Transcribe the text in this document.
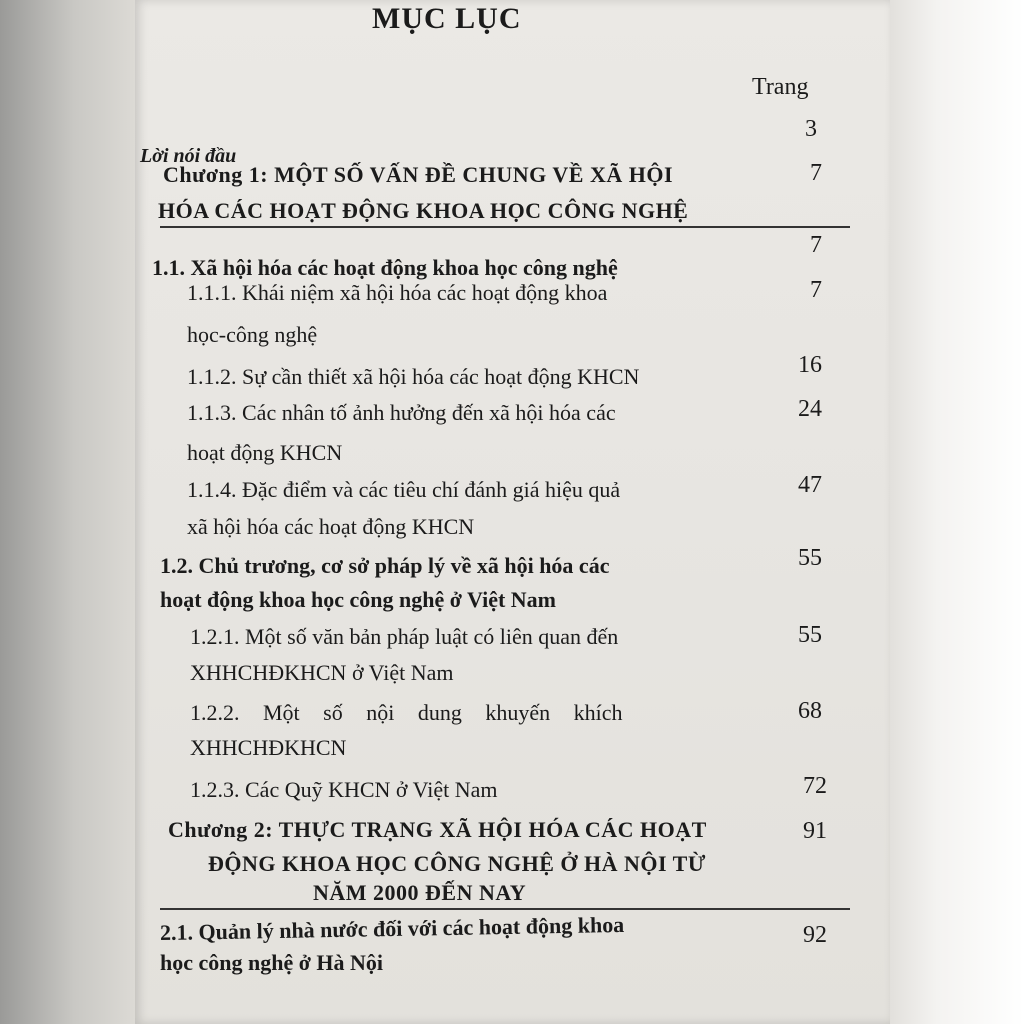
MỤC LỤC
Trang
Lời nói đầu
3
Chương 1: MỘT SỐ VẤN ĐỀ CHUNG VỀ XÃ HỘI
HÓA CÁC HOẠT ĐỘNG KHOA HỌC CÔNG NGHỆ
7
1.1. Xã hội hóa các hoạt động khoa học công nghệ
7
1.1.1. Khái niệm xã hội hóa các hoạt động khoa
học-công nghệ
7
1.1.2. Sự cần thiết xã hội hóa các hoạt động KHCN	16
1.1.3. Các nhân tố ảnh hưởng đến xã hội hóa các
hoạt động KHCN
24
1.1.4. Đặc điểm và các tiêu chí đánh giá hiệu quả
xã hội hóa các hoạt động KHCN
47
1.2. Chủ trương, cơ sở pháp lý về xã hội hóa các
hoạt động khoa học công nghệ ở Việt Nam
55
1.2.1. Một số văn bản pháp luật có liên quan đến
XHHCHĐKHCN ở Việt Nam
55
1.2.2. Một số nội dung khuyến khích
XHHCHĐKHCN
68
1.2.3. Các Quỹ KHCN ở Việt Nam	72
Chương 2: THỰC TRẠNG XÃ HỘI HÓA CÁC HOẠT
ĐỘNG KHOA HỌC CÔNG NGHỆ Ở HÀ NỘI TỪ
NĂM 2000 ĐẾN NAY
91
2.1. Quản lý nhà nước đối với các hoạt động khoa
học công nghệ ở Hà Nội
92
